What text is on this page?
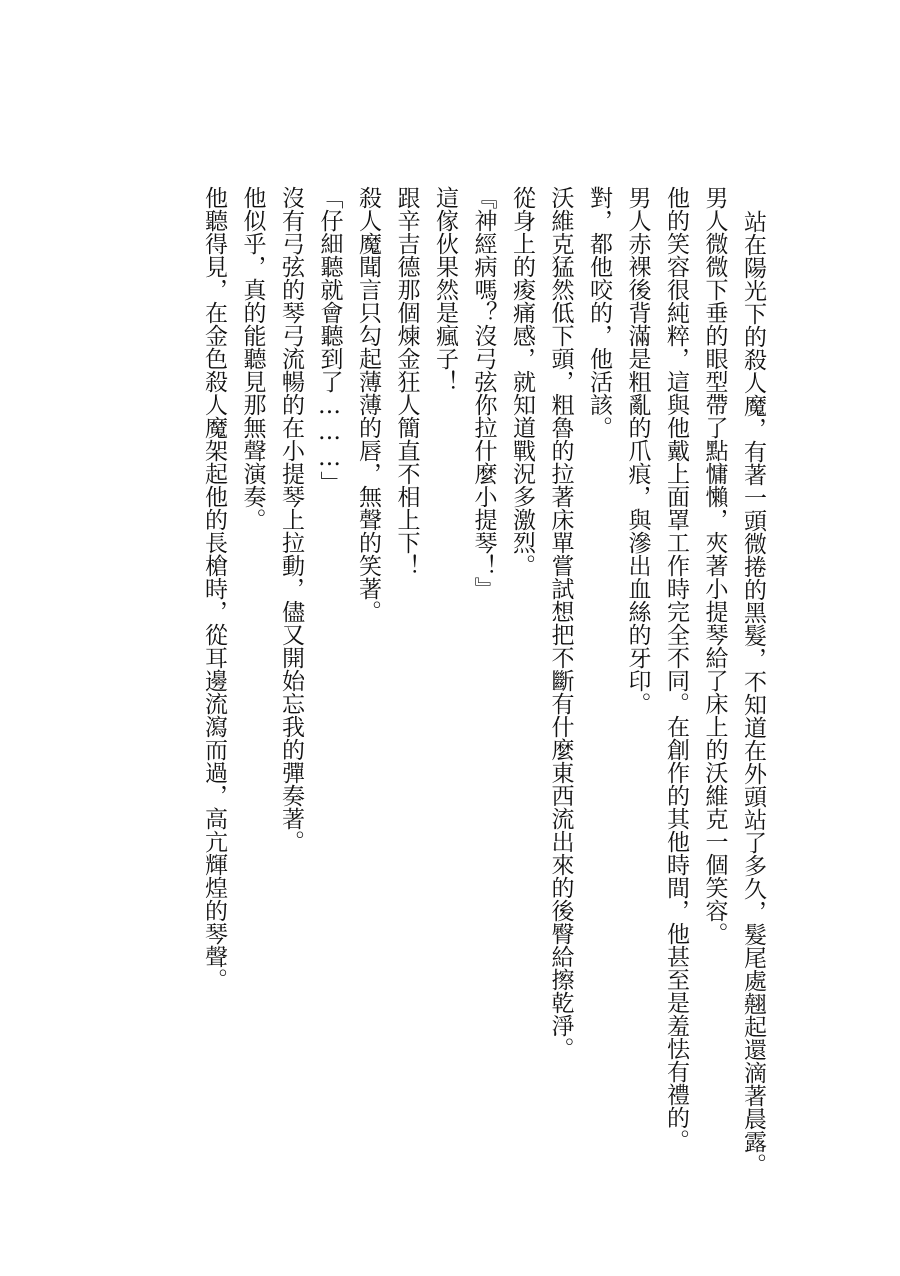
站在陽光下的殺人魔，有著一頭微捲的黑髮，不知道在外頭站了多久，髮尾處翹起還滴著晨露。
男人微微下垂的眼型帶了點慵懶，夾著小提琴給了床上的沃維克一個笑容。
他的笑容很純粹，這與他戴上面罩工作時完全不同。在創作的其他時間，他甚至是羞怯有禮的。
男人赤裸後背滿是粗亂的爪痕，與滲出血絲的牙印。
對，都他咬的，他活該。
沃維克猛然低下頭，粗魯的拉著床單嘗試想把不斷有什麼東西流出來的後臀給擦乾淨。
從身上的痠痛感，就知道戰況多激烈。
『神經病嗎？沒弓弦你拉什麼小提琴！』
這傢伙果然是瘋子！
跟辛吉德那個煉金狂人簡直不相上下！
殺人魔聞言只勾起薄薄的唇，無聲的笑著。
「仔細聽就會聽到了………」
沒有弓弦的琴弓流暢的在小提琴上拉動，儘又開始忘我的彈奏著。
他似乎，真的能聽見那無聲演奏。
他聽得見，在金色殺人魔架起他的長槍時，從耳邊流瀉而過，高亢輝煌的琴聲。
